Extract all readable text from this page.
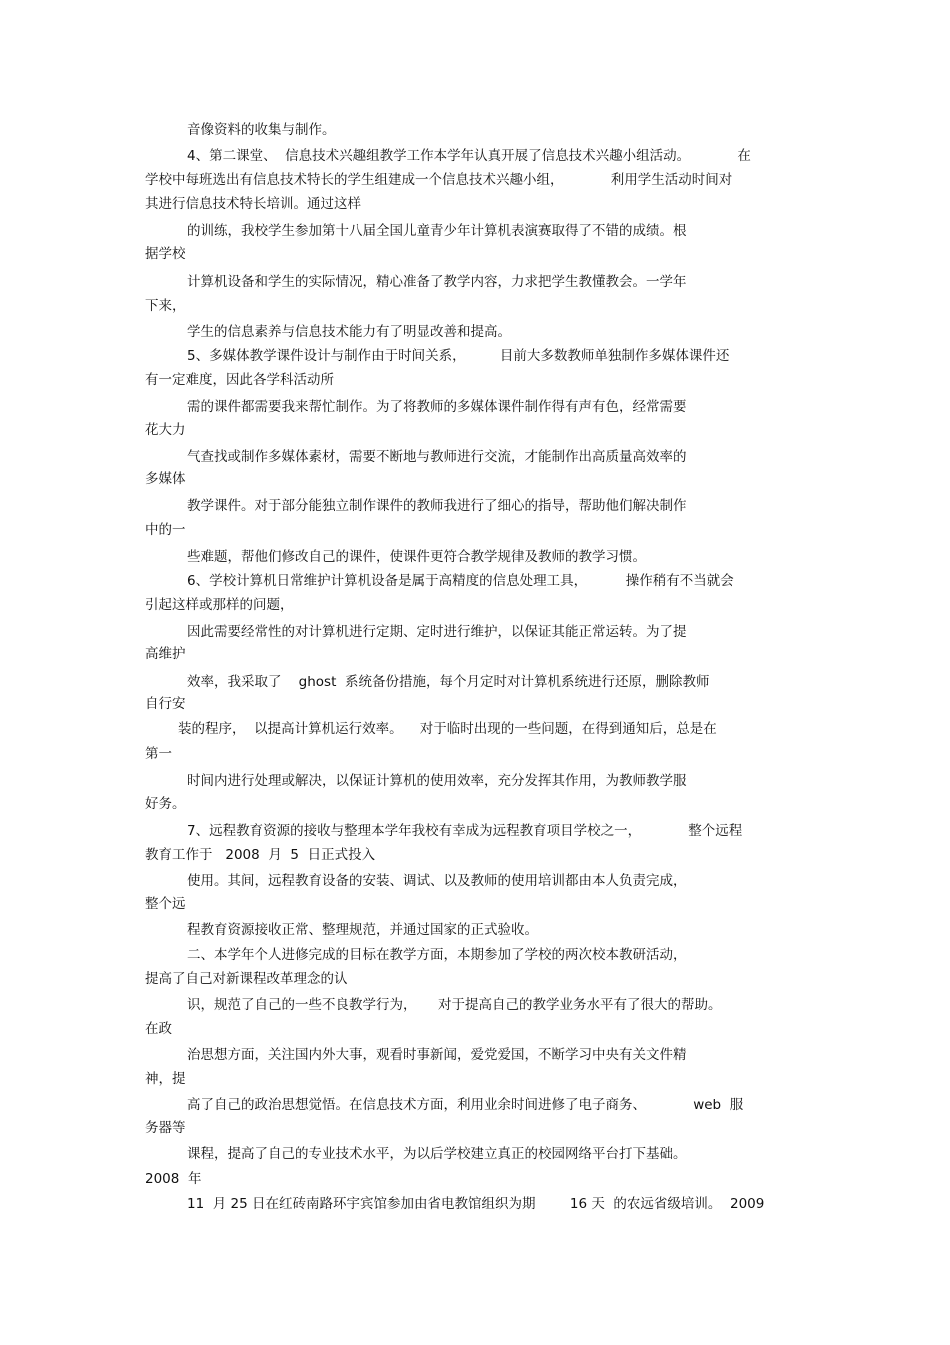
音像资料的收集与制作。
4、第二课堂、  信息技术兴趣组教学工作本学年认真开展了信息技术兴趣小组活动。           在
学校中每班选出有信息技术特长的学生组建成一个信息技术兴趣小组，           利用学生活动时间对
其进行信息技术特长培训。通过这样
的训练，我校学生参加第十八届全国儿童青少年计算机表演赛取得了不错的成绩。根
据学校
计算机设备和学生的实际情况，精心准备了教学内容，力求把学生教懂教会。一学年
下来，
学生的信息素养与信息技术能力有了明显改善和提高。
5、多媒体教学课件设计与制作由于时间关系，        目前大多数教师单独制作多媒体课件还
有一定难度，因此各学科活动所
需的课件都需要我来帮忙制作。为了将教师的多媒体课件制作得有声有色，经常需要
花大力
气查找或制作多媒体素材，需要不断地与教师进行交流，才能制作出高质量高效率的
多媒体
教学课件。对于部分能独立制作课件的教师我进行了细心的指导，帮助他们解决制作
中的一
些难题，帮他们修改自己的课件，使课件更符合教学规律及教师的教学习惯。
6、学校计算机日常维护计算机设备是属于高精度的信息处理工具，         操作稍有不当就会
引起这样或那样的问题，
因此需要经常性的对计算机进行定期、定时进行维护，以保证其能正常运转。为了提
高维护
效率，我采取了    ghost  系统备份措施，每个月定时对计算机系统进行还原，删除教师
自行安
装的程序，  以提高计算机运行效率。    对于临时出现的一些问题，在得到通知后，总是在
第一
时间内进行处理或解决，以保证计算机的使用效率，充分发挥其作用，为教师教学服
好务。
7、远程教育资源的接收与整理本学年我校有幸成为远程教育项目学校之一，           整个远程
教育工作于   2008  月  5  日正式投入
使用。其间，远程教育设备的安装、调试、以及教师的使用培训都由本人负责完成，
整个远
程教育资源接收正常、整理规范，并通过国家的正式验收。
二、本学年个人进修完成的目标在教学方面，本期参加了学校的两次校本教研活动，
提高了自己对新课程改革理念的认
识，规范了自己的一些不良教学行为，     对于提高自己的教学业务水平有了很大的帮助。
在政
治思想方面，关注国内外大事，观看时事新闻，爱党爱国，不断学习中央有关文件精
神，提
高了自己的政治思想觉悟。在信息技术方面，利用业余时间进修了电子商务、           web  服
务器等
课程，提高了自己的专业技术水平，为以后学校建立真正的校园网络平台打下基础。
2008  年
11  月 25 日在红砖南路环宇宾馆参加由省电教馆组织为期        16 天  的农远省级培训。  2009
